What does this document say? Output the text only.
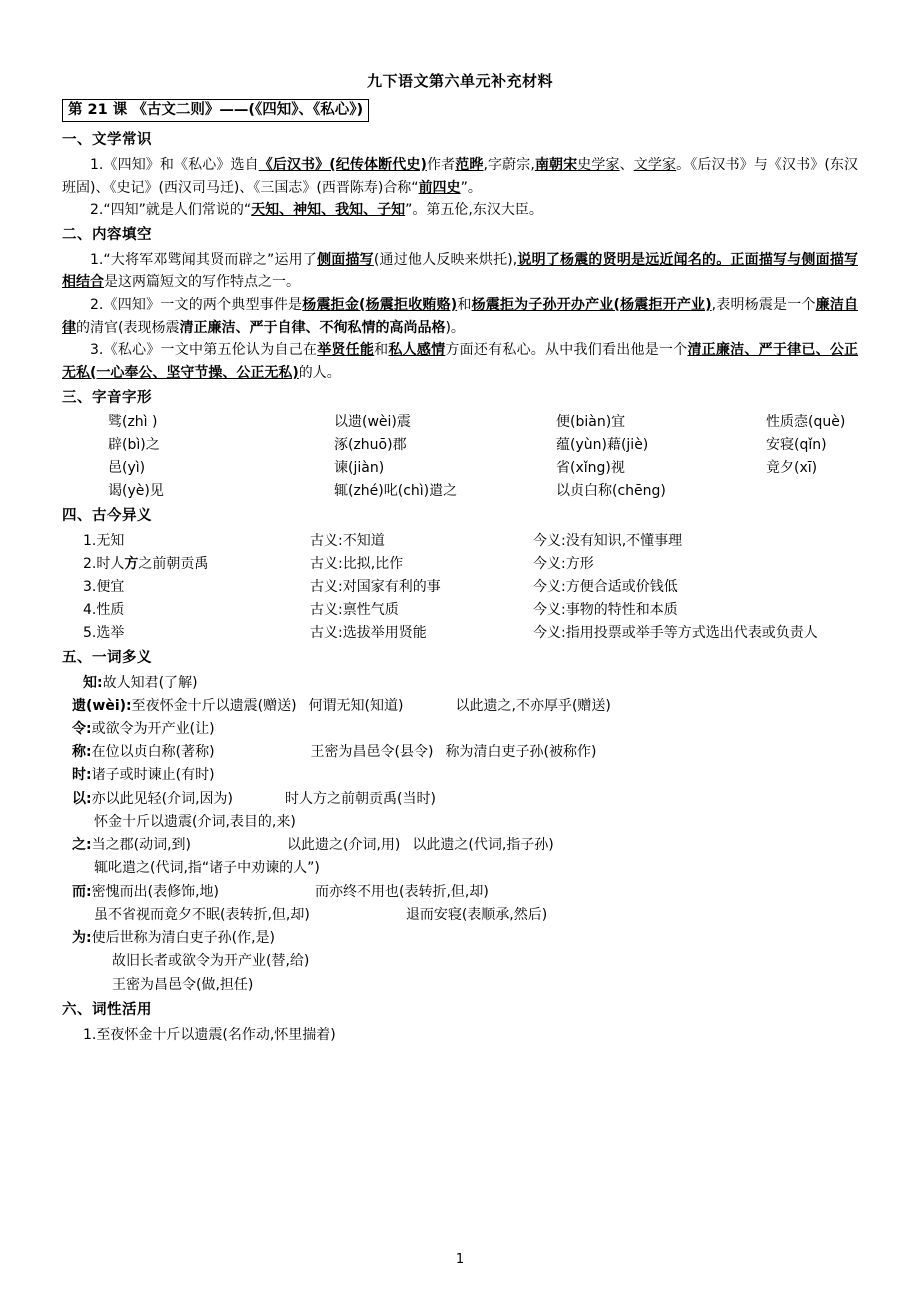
九下语文第六单元补充材料
第 21 课 《古文二则》——(《四知》、《私心》)
一、文学常识

1.《四知》和《私心》选自《后汉书》(纪传体断代史)作者范晔,字蔚宗,南朝宋史学家、文学家。《后汉书》与《汉书》(东汉班固)、《史记》(西汉司马迁)、《三国志》(西晋陈寿)合称“前四史”。

2.“四知”就是人们常说的“天知、神知、我知、子知”。第五伦,东汉大臣。

二、内容填空

1.“大将军邓骘闻其贤而辟之”运用了侧面描写(通过他人反映来烘托),说明了杨震的贤明是远近闻名的。正面描写与侧面描写相结合是这两篇短文的写作特点之一。

2.《四知》一文的两个典型事件是杨震拒金(杨震拒收贿赂)和杨震拒为子孙开办产业(杨震拒开产业),表明杨震是一个廉洁自律的清官(表现杨震清正廉洁、严于自律、不徇私情的高尚品格)。

3.《私心》一文中第五伦认为自己在举贤任能和私人感情方面还有私心。从中我们看出他是一个清正廉洁、严于律已、公正无私(一心奉公、坚守节操、公正无私)的人。

三、字音字形
骘(zhì )	以遗(wèi)震	便(biàn)宜	性质悫(què)
辟(bì)之	涿(zhuō)郡	蕴(yùn)藉(jiè)	安寝(qǐn)
邑(yì)	谏(jiàn)	省(xǐng)视	竟夕(xī)
谒(yè)见	辄(zhé)叱(chì)遣之	以贞白称(chēng)
四、古今异义
1.无知	古义:不知道	今义:没有知识,不懂事理
2.时人方之前朝贡禹	古义:比拟,比作	今义:方形
3.便宜	古义:对国家有利的事	今义:方便合适或价钱低
4.性质	古义:禀性气质	今义:事物的特性和本质
5.选举	古义:选拔举用贤能	今义:指用投票或举手等方式选出代表或负责人
五、一词多义
知:故人知君(了解)
遗(wèi):至夜怀金十斤以遗震(赠送) 何谓无知(知道)	以此遗之,不亦厚乎(赠送)
令:或欲令为开产业(让)
称:在位以贞白称(著称)	王密为昌邑令(县令) 称为清白吏子孙(被称作)
时:诸子或时谏止(有时)
以:亦以此见轻(介词,因为)	时人方之前朝贡禹(当时)
怀金十斤以遗震(介词,表目的,来)
之:当之郡(动词,到)	以此遗之(介词,用) 以此遗之(代词,指子孙)
辄叱遣之(代词,指“诸子中劝谏的人”)
而:密愧而出(表修饰,地)	而亦终不用也(表转折,但,却)
虽不省视而竟夕不眠(表转折,但,却)	退而安寝(表顺承,然后)
为:使后世称为清白吏子孙(作,是)
故旧长者或欲令为开产业(替,给)
王密为昌邑令(做,担任)
六、词性活用
1.至夜怀金十斤以遗震(名作动,怀里揣着)
1
